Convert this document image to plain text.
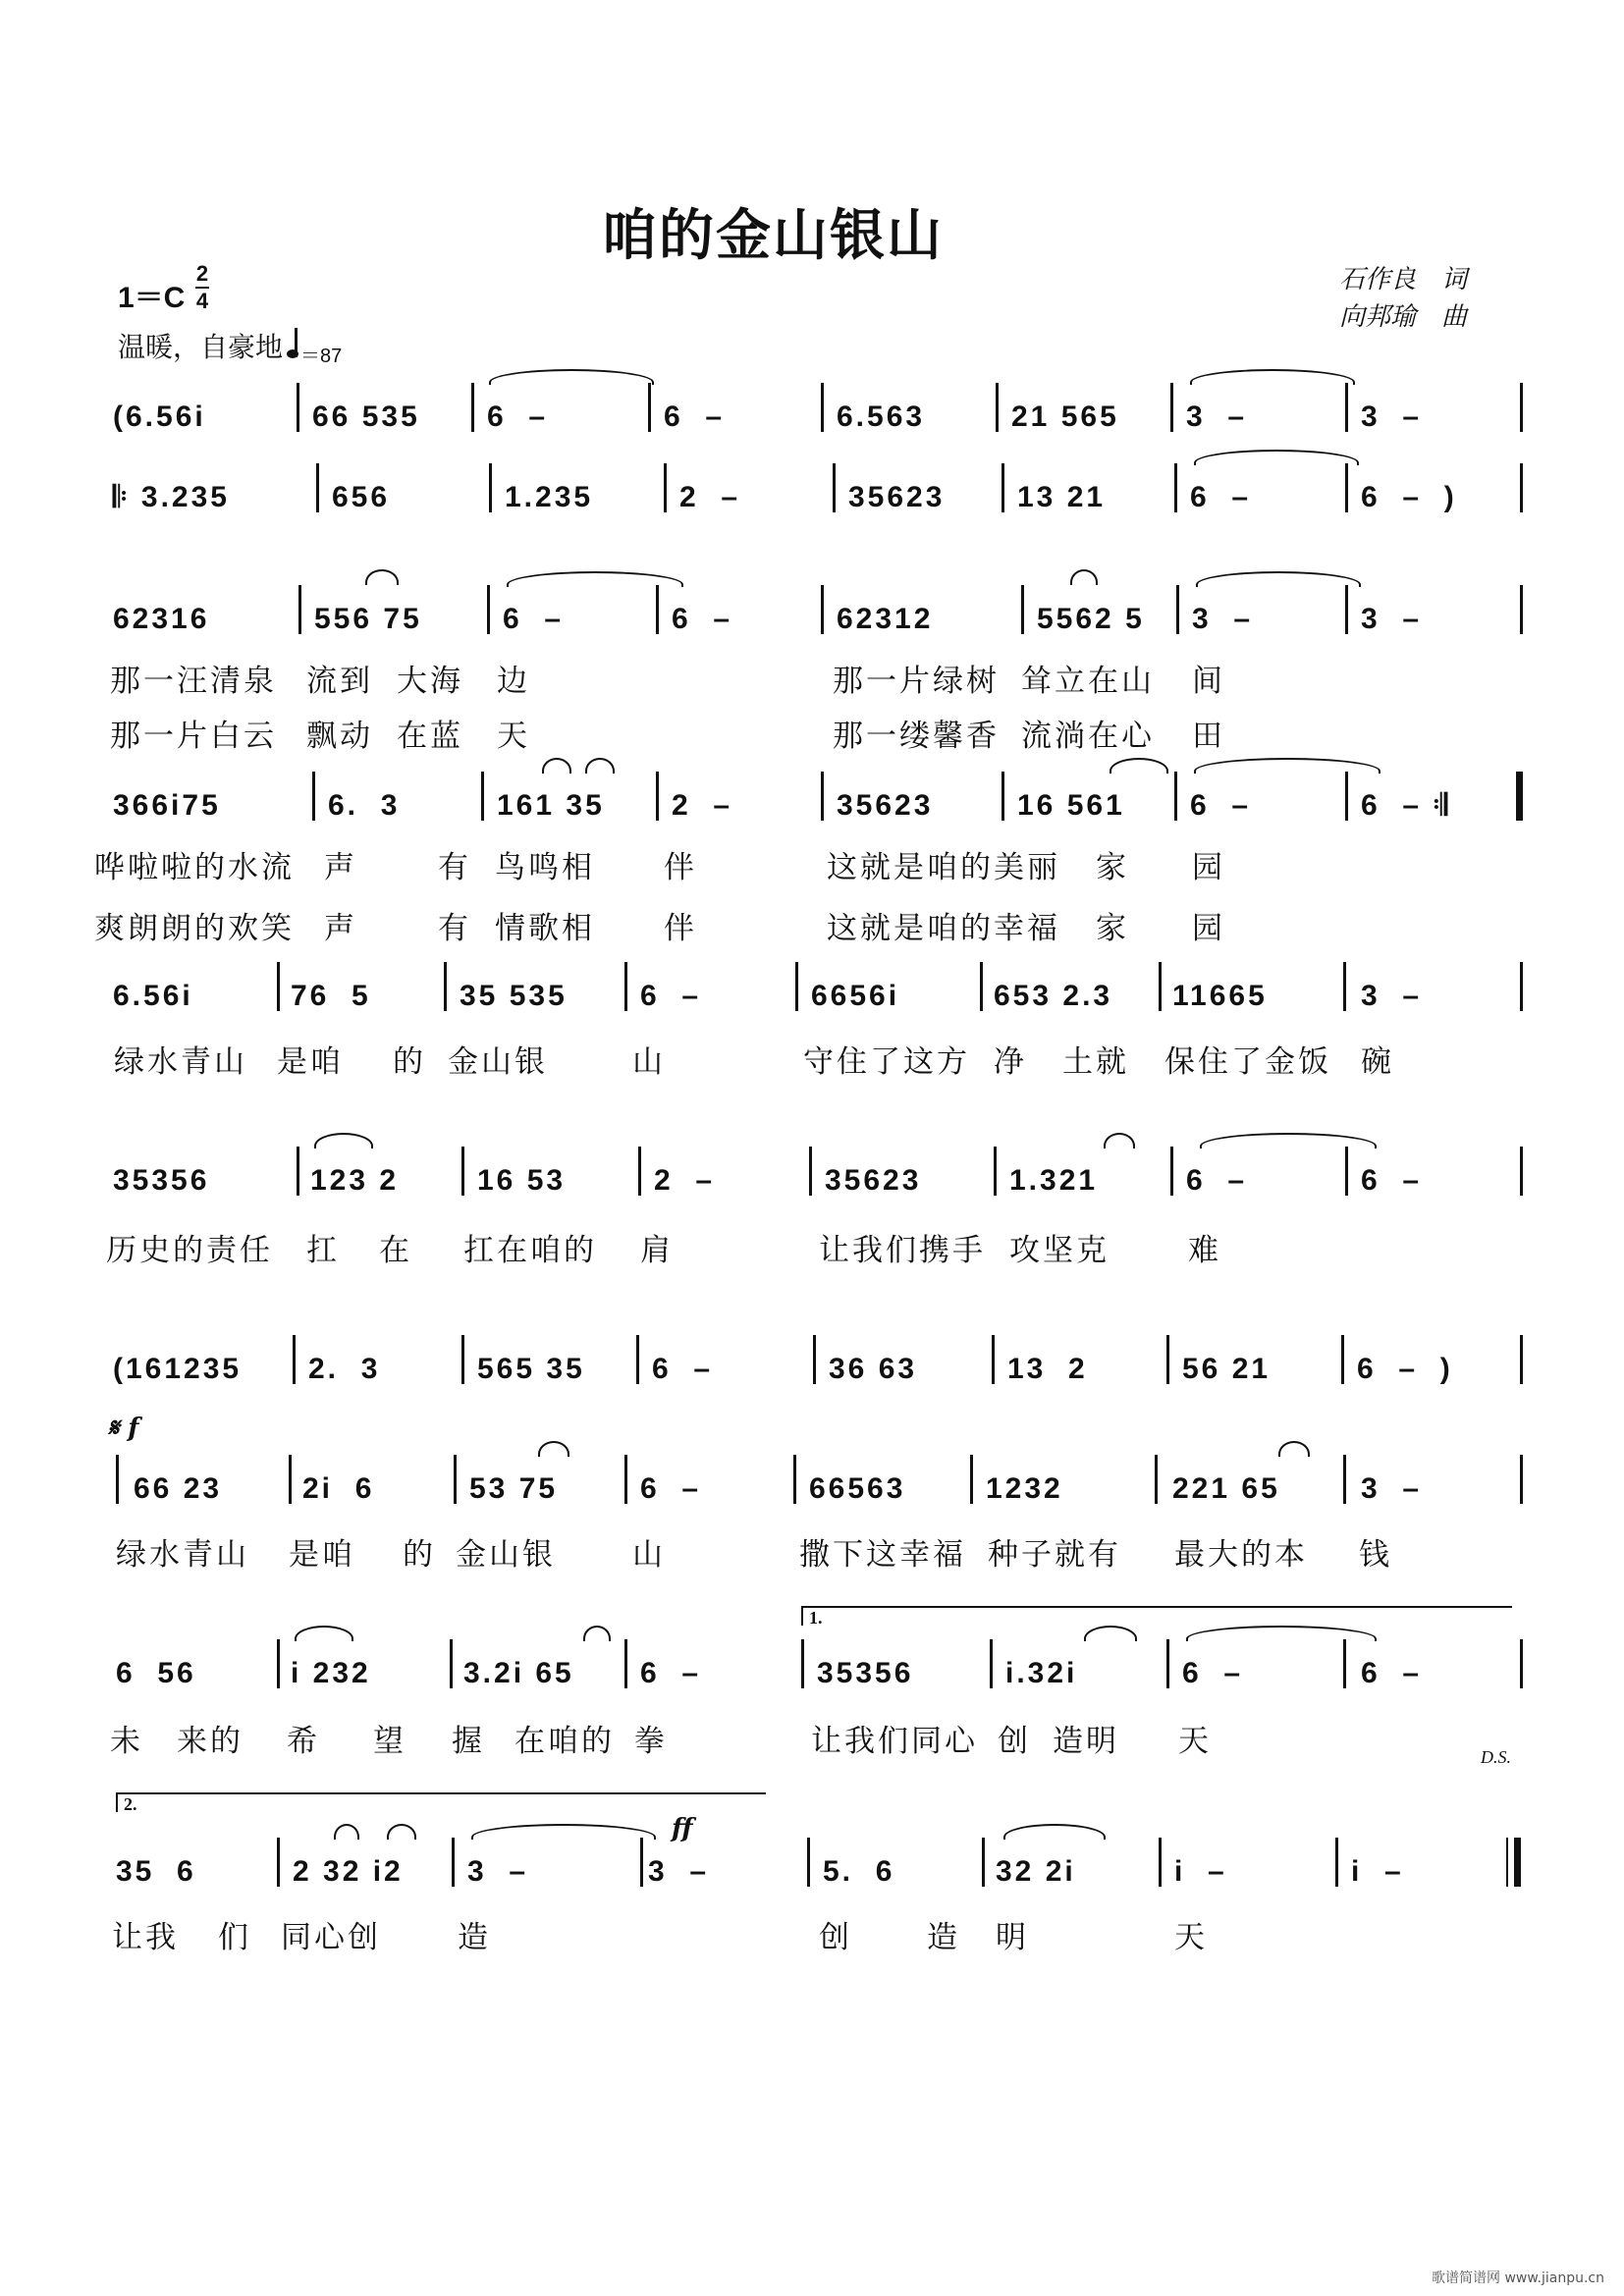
咱的金山银山
石作良　词
向邦瑜　曲
1＝C
2
4
温暖，自豪地 ＝87
(6.56i	66 535 6  –	6  –	6.563	21 565 3  –	3  –
𝄆 3.235	656	1.235	2  –	35623 13 21	6  –	6  –  )
62316	556 75	6  –	6  –	62312	5562 5 3  –	3  –
那一汪清泉 流到 大海 边	那一片绿树 耸立在山 间
那一片白云 飘动 在蓝 天	那一缕馨香 流淌在心 田
366i75	6.  3	161 35 2  –	35623	16 561 6  –	6  – 𝄇
哗啦啦的水流 声	有 鸟鸣相 伴	这就是咱的美丽 家 园
爽朗朗的欢笑 声	有 情歌相 伴	这就是咱的幸福 家 园
6.56i	76  5	35 535 6  –	6656i	653 2.3 11665	3  –
绿水青山 是咱 的 金山银	山	守住了这方 净 土就 保住了金饭 碗
35356	123 2	16 53	2  –	35623	1.321	6  –	6  –
历史的责任 扛 在 扛在咱的 肩	让我们携手 攻坚克	难
(161235 2.  3	565 35 6  –	36 63	13  2	56 21	6  –  )
𝄋 f
66 23	2i  6	53 75	6  –	66563	1232	221 65	3  –
绿水青山 是咱 的 金山银	山	撒下这幸福 种子就有 最大的本 钱
1.
6  56	i 232	3.2i 65 6  –	35356	i.32i	6  –	6  –
未 来的 希 望 握 在咱的 拳	让我们同心 创 造明 天	D.S.
2.
ff
35  6	2 32 i2 3  –	3  –	5.  6	32 2i	i  –	i  –
让我 们 同心创	造	创 造 明	天
歌谱简谱网 www.jianpu.cn
